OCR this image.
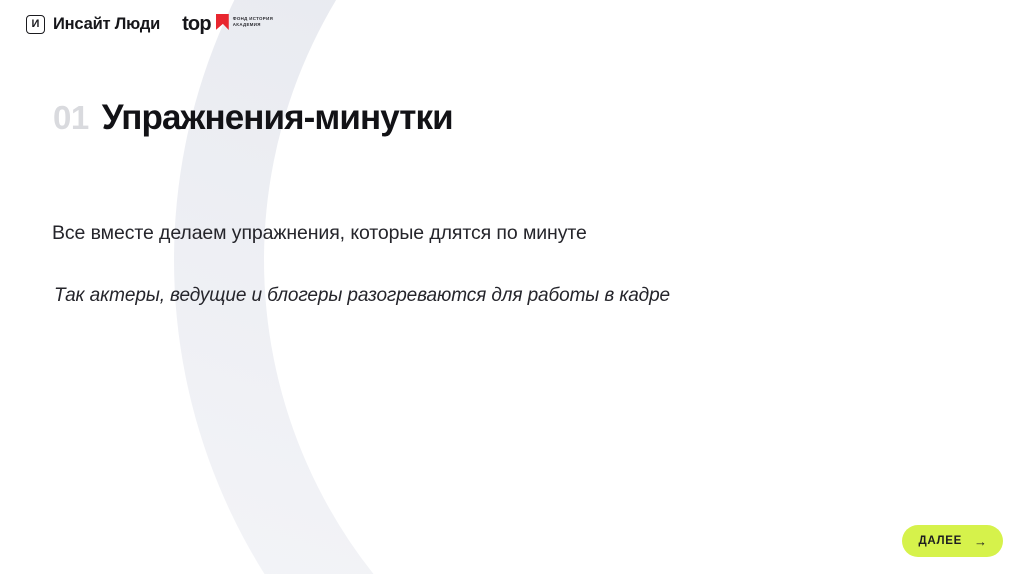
И Инсайт Люди top	ФОНД ИСТОРИЯ
АКАДЕМИЯ
01 Упражнения-минутки
Все вместе делаем упражнения, которые длятся по минуте
Так актеры, ведущие и блогеры разогреваются для работы в кадре
ДАЛЕЕ →
